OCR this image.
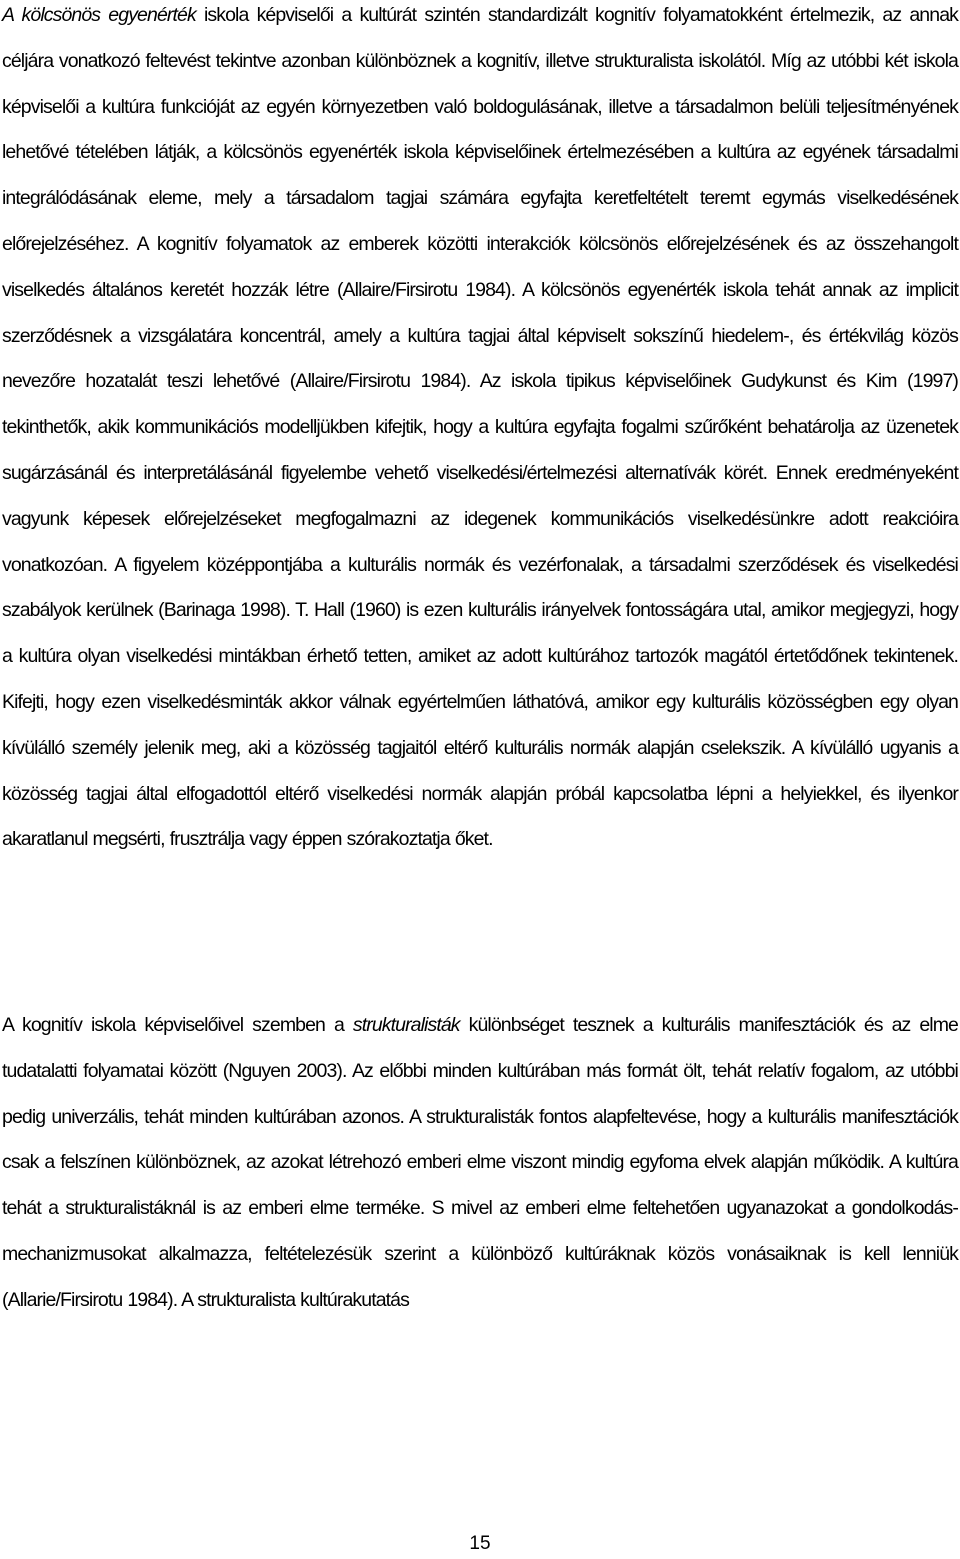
A kölcsönös egyenérték iskola képviselői a kultúrát szintén standardizált kognitív folyamatokként értelmezik, az annak céljára vonatkozó feltevést tekintve azonban különböznek a kognitív, illetve strukturalista iskolától. Míg az utóbbi két iskola képviselői a kultúra funkcióját az egyén környezetben való boldogulásának, illetve a társadalmon belüli teljesítményének lehetővé tételében látják, a kölcsönös egyenérték iskola képviselőinek értelmezésében a kultúra az egyének társadalmi integrálódásának eleme, mely a társadalom tagjai számára egyfajta keretfeltételt teremt egymás viselkedésének előrejelzéséhez. A kognitív folyamatok az emberek közötti interakciók kölcsönös előrejelzésének és az összehangolt viselkedés általános keretét hozzák létre (Allaire/Firsirotu 1984). A kölcsönös egyenérték iskola tehát annak az implicit szerződésnek a vizsgálatára koncentrál, amely a kultúra tagjai által képviselt sokszínű hiedelem-, és értékvilág közös nevezőre hozatalát teszi lehetővé (Allaire/Firsirotu 1984). Az iskola tipikus képviselőinek Gudykunst és Kim (1997) tekinthetők, akik kommunikációs modelljükben kifejtik, hogy a kultúra egyfajta fogalmi szűrőként behatárolja az üzenetek sugárzásánál és interpretálásánál figyelembe vehető viselkedési/értelmezési alternatívák körét. Ennek eredményeként vagyunk képesek előrejelzéseket megfogalmazni az idegenek kommunikációs viselkedésünkre adott reakcióira vonatkozóan. A figyelem középpontjába a kulturális normák és vezérfonalak, a társadalmi szerződések és viselkedési szabályok kerülnek (Barinaga 1998). T. Hall (1960) is ezen kulturális irányelvek fontosságára utal, amikor megjegyzi, hogy a kultúra olyan viselkedési mintákban érhető tetten, amiket az adott kultúrához tartozók magától értetődőnek tekintenek. Kifejti, hogy ezen viselkedésminták akkor válnak egyértelműen láthatóvá, amikor egy kulturális közösségben egy olyan kívülálló személy jelenik meg, aki a közösség tagjaitól eltérő kulturális normák alapján cselekszik. A kívülálló ugyanis a közösség tagjai által elfogadottól eltérő viselkedési normák alapján próbál kapcsolatba lépni a helyiekkel, és ilyenkor akaratlanul megsérti, frusztrálja vagy éppen szórakoztatja őket.

A kognitív iskola képviselőivel szemben a strukturalisták különbséget tesznek a kulturális manifesztációk és az elme tudatalatti folyamatai között (Nguyen 2003). Az előbbi minden kultúrában más formát ölt, tehát relatív fogalom, az utóbbi pedig univerzális, tehát minden kultúrában azonos. A strukturalisták fontos alapfeltevése, hogy a kulturális manifesztációk csak a felszínen különböznek, az azokat létrehozó emberi elme viszont mindig egyfoma elvek alapján működik. A kultúra tehát a strukturalistáknál is az emberi elme terméke. S mivel az emberi elme feltehetően ugyanazokat a gondolkodás-mechanizmusokat alkalmazza, feltételezésük szerint a különböző kultúráknak közös vonásaiknak is kell lenniük (Allarie/Firsirotu 1984). A strukturalista kultúrakutatás

15
